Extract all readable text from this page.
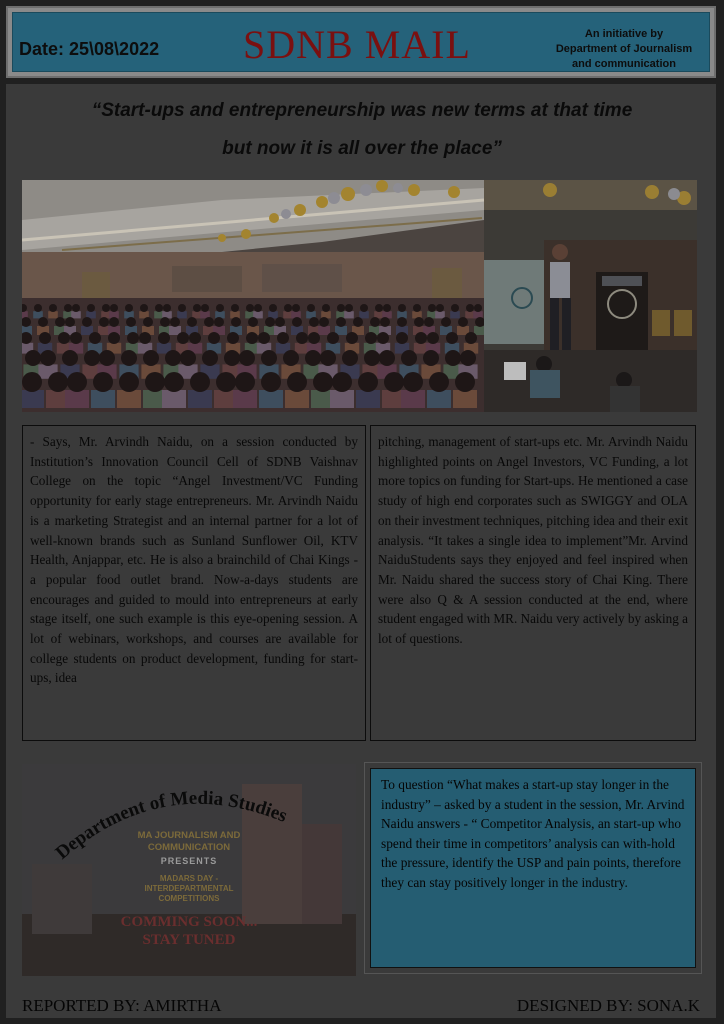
Date: 25\08\2022 SDNB MAIL	An initiative by
Department of Journalism
and communication
“Start-ups and entrepreneurship was new terms at that time
but now it is all over the place”
- Says, Mr. Arvindh Naidu, on a session conducted by Institution’s Innovation Council Cell of SDNB Vaishnav College on the topic “Angel Investment/VC Funding opportunity for early stage entrepreneurs. Mr. Arvindh Naidu is a marketing Strategist and an internal partner for a lot of well-known brands such as Sunland Sunflower Oil, KTV Health, Anjappar, etc. He is also a brainchild of Chai Kings - a popular food outlet brand. Now-a-days students are encourages and guided to mould into entrepreneurs at early stage itself, one such example is this eye-opening session. A lot of webinars, workshops, and courses are available for college students on product development, funding for start-ups, idea
pitching, management of start-ups etc. Mr. Arvindh Naidu highlighted points on Angel Investors, VC Funding, a lot more topics on funding for Start-ups. He mentioned a case study of high end corporates such as SWIGGY and OLA on their investment techniques, pitching idea and their exit analysis. “It takes a single idea to implement”Mr. Arvind NaiduStudents says they enjoyed and feel inspired when Mr. Naidu shared the success story of Chai King. There were also Q & A session conducted at the end, where student engaged with MR. Naidu very actively by asking a lot of questions.
Department of Media Studies
MA JOURNALISM AND
COMMUNICATION
PRESENTS
MADARS DAY -
INTERDEPARTMENTAL
COMPETITIONS
COMMING SOON...
STAY TUNED
To question “What makes a start-up stay longer in the industry” – asked by a student in the session, Mr. Arvind Naidu answers - “ Competitor Analysis, an start-up who spend their time in competitors’ analysis can with-hold the pressure, identify the USP and pain points, therefore they can stay positively longer in the industry.
REPORTED BY: AMIRTHA	DESIGNED BY: SONA.K
